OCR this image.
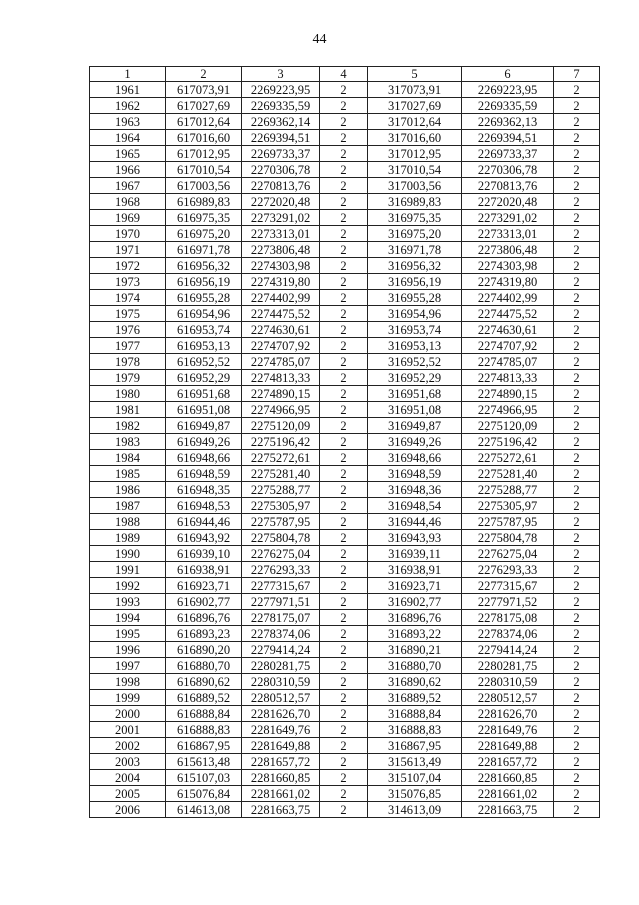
44
1	2	3	4	5	6	7
1961	617073,91	2269223,95	2	317073,91	2269223,95	2
1962	617027,69	2269335,59	2	317027,69	2269335,59	2
1963	617012,64	2269362,14	2	317012,64	2269362,13	2
1964	617016,60	2269394,51	2	317016,60	2269394,51	2
1965	617012,95	2269733,37	2	317012,95	2269733,37	2
1966	617010,54	2270306,78	2	317010,54	2270306,78	2
1967	617003,56	2270813,76	2	317003,56	2270813,76	2
1968	616989,83	2272020,48	2	316989,83	2272020,48	2
1969	616975,35	2273291,02	2	316975,35	2273291,02	2
1970	616975,20	2273313,01	2	316975,20	2273313,01	2
1971	616971,78	2273806,48	2	316971,78	2273806,48	2
1972	616956,32	2274303,98	2	316956,32	2274303,98	2
1973	616956,19	2274319,80	2	316956,19	2274319,80	2
1974	616955,28	2274402,99	2	316955,28	2274402,99	2
1975	616954,96	2274475,52	2	316954,96	2274475,52	2
1976	616953,74	2274630,61	2	316953,74	2274630,61	2
1977	616953,13	2274707,92	2	316953,13	2274707,92	2
1978	616952,52	2274785,07	2	316952,52	2274785,07	2
1979	616952,29	2274813,33	2	316952,29	2274813,33	2
1980	616951,68	2274890,15	2	316951,68	2274890,15	2
1981	616951,08	2274966,95	2	316951,08	2274966,95	2
1982	616949,87	2275120,09	2	316949,87	2275120,09	2
1983	616949,26	2275196,42	2	316949,26	2275196,42	2
1984	616948,66	2275272,61	2	316948,66	2275272,61	2
1985	616948,59	2275281,40	2	316948,59	2275281,40	2
1986	616948,35	2275288,77	2	316948,36	2275288,77	2
1987	616948,53	2275305,97	2	316948,54	2275305,97	2
1988	616944,46	2275787,95	2	316944,46	2275787,95	2
1989	616943,92	2275804,78	2	316943,93	2275804,78	2
1990	616939,10	2276275,04	2	316939,11	2276275,04	2
1991	616938,91	2276293,33	2	316938,91	2276293,33	2
1992	616923,71	2277315,67	2	316923,71	2277315,67	2
1993	616902,77	2277971,51	2	316902,77	2277971,52	2
1994	616896,76	2278175,07	2	316896,76	2278175,08	2
1995	616893,23	2278374,06	2	316893,22	2278374,06	2
1996	616890,20	2279414,24	2	316890,21	2279414,24	2
1997	616880,70	2280281,75	2	316880,70	2280281,75	2
1998	616890,62	2280310,59	2	316890,62	2280310,59	2
1999	616889,52	2280512,57	2	316889,52	2280512,57	2
2000	616888,84	2281626,70	2	316888,84	2281626,70	2
2001	616888,83	2281649,76	2	316888,83	2281649,76	2
2002	616867,95	2281649,88	2	316867,95	2281649,88	2
2003	615613,48	2281657,72	2	315613,49	2281657,72	2
2004	615107,03	2281660,85	2	315107,04	2281660,85	2
2005	615076,84	2281661,02	2	315076,85	2281661,02	2
2006	614613,08	2281663,75	2	314613,09	2281663,75	2
